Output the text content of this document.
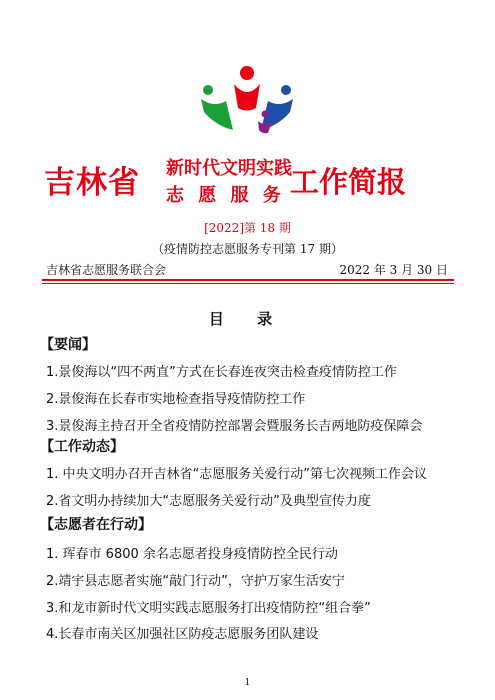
吉林省 新时代文明实践
志 愿 服 务 工作简报
[2022]第 18 期
（疫情防控志愿服务专刊第 17 期）
吉林省志愿服务联合会	2022 年 3 月 30 日
目 录
【要闻】
1.景俊海以“四不两直”方式在长春连夜突击检查疫情防控工作
2.景俊海在长春市实地检查指导疫情防控工作
3.景俊海主持召开全省疫情防控部署会暨服务长吉两地防疫保障会
【工作动态】
1. 中央文明办召开吉林省“志愿服务关爱行动”第七次视频工作会议
2.省文明办持续加大“志愿服务关爱行动”及典型宣传力度
【志愿者在行动】
1. 珲春市 6800 余名志愿者投身疫情防控全民行动
2.靖宇县志愿者实施“敲门行动”，守护万家生活安宁
3.和龙市新时代文明实践志愿服务打出疫情防控“组合拳”
4.长春市南关区加强社区防疫志愿服务团队建设
1
